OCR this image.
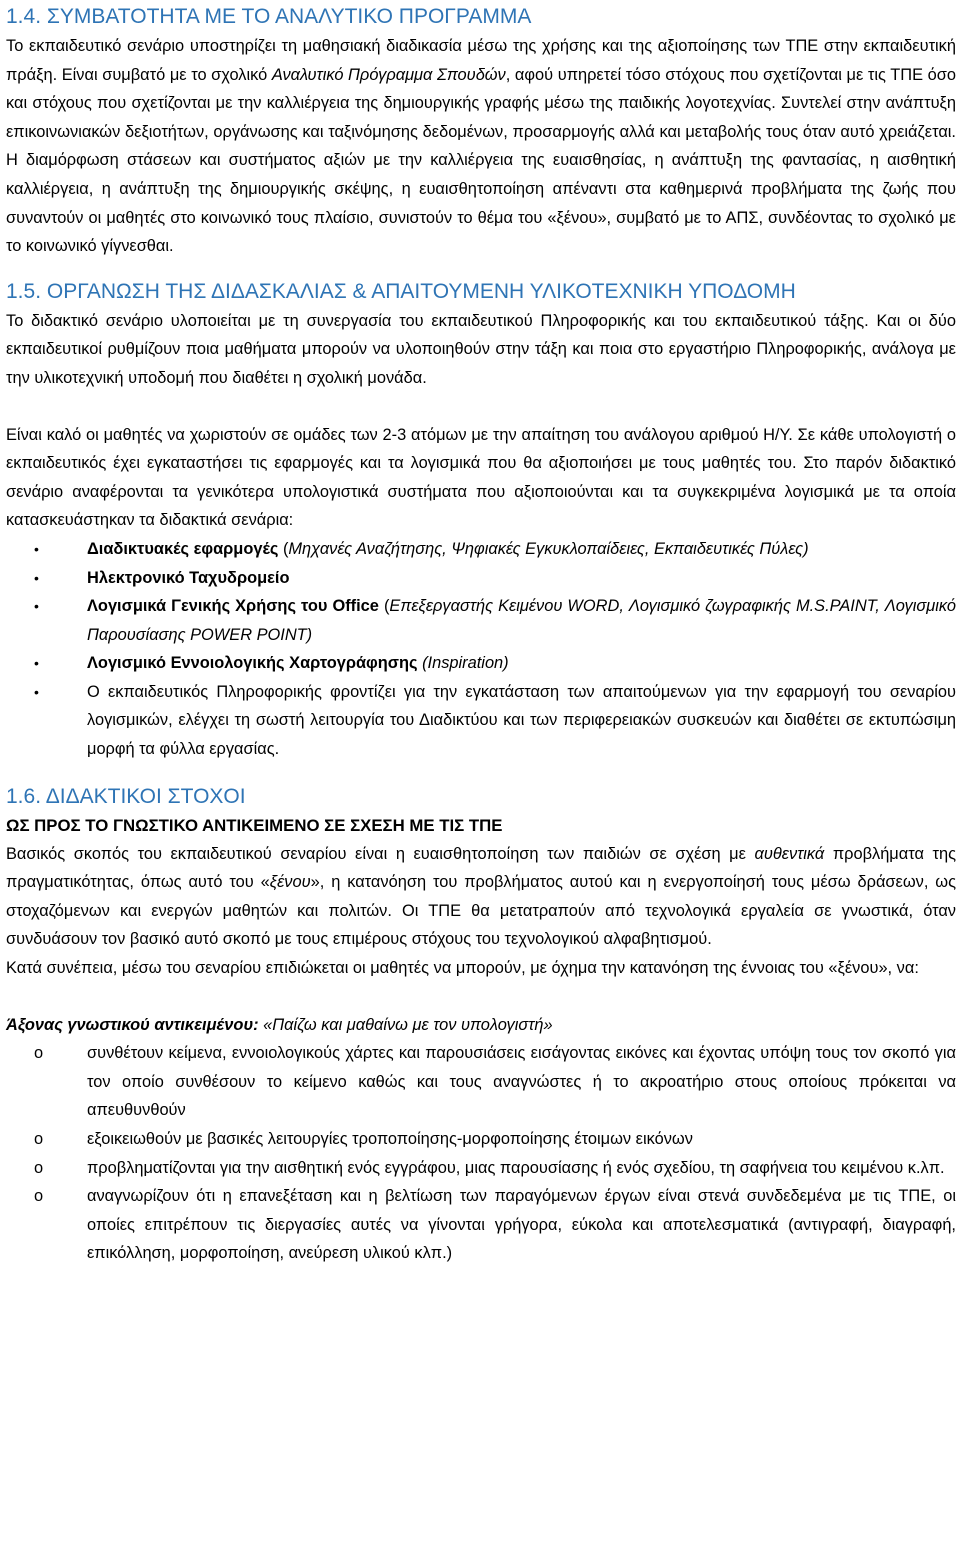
1.4. ΣΥΜΒΑΤΟΤΗΤΑ ΜΕ ΤΟ ΑΝΑΛΥΤΙΚΟ ΠΡΟΓΡΑΜΜΑ

Το εκπαιδευτικό σενάριο υποστηρίζει τη μαθησιακή διαδικασία μέσω της χρήσης και της αξιοποίησης των ΤΠΕ στην εκπαιδευτική πράξη. Είναι συμβατό με το σχολικό Αναλυτικό Πρόγραμμα Σπουδών, αφού υπηρετεί τόσο στόχους που σχετίζονται με τις ΤΠΕ όσο και στόχους που σχετίζονται με την καλλιέργεια της δημιουργικής γραφής μέσω της παιδικής λογοτεχνίας. Συντελεί στην ανάπτυξη επικοινωνιακών δεξιοτήτων, οργάνωσης και ταξινόμησης δεδομένων, προσαρμογής αλλά και μεταβολής τους όταν αυτό χρειάζεται. Η διαμόρφωση στάσεων και συστήματος αξιών με την καλλιέργεια της ευαισθησίας, η ανάπτυξη της φαντασίας, η αισθητική καλλιέργεια, η ανάπτυξη της δημιουργικής σκέψης, η ευαισθητοποίηση απέναντι στα καθημερινά προβλήματα της ζωής που συναντούν οι μαθητές στο κοινωνικό τους πλαίσιο, συνιστούν το θέμα του «ξένου», συμβατό με το ΑΠΣ, συνδέοντας το σχολικό με το κοινωνικό γίγνεσθαι.

1.5. ΟΡΓΑΝΩΣΗ ΤΗΣ ΔΙΔΑΣΚΑΛΙΑΣ & ΑΠΑΙΤΟΥΜΕΝΗ ΥΛΙΚΟΤΕΧΝΙΚΗ ΥΠΟΔΟΜΗ

Το διδακτικό σενάριο υλοποιείται με τη συνεργασία του εκπαιδευτικού Πληροφορικής και του εκπαιδευτικού τάξης. Και οι δύο εκπαιδευτικοί ρυθμίζουν ποια μαθήματα μπορούν να υλοποιηθούν στην τάξη και ποια στο εργαστήριο Πληροφορικής, ανάλογα με την υλικοτεχνική υποδομή που διαθέτει η σχολική μονάδα.

Είναι καλό οι μαθητές να χωριστούν σε ομάδες των 2-3 ατόμων με την απαίτηση του ανάλογου αριθμού Η/Υ. Σε κάθε υπολογιστή ο εκπαιδευτικός έχει εγκαταστήσει τις εφαρμογές και τα λογισμικά που θα αξιοποιήσει με τους μαθητές του. Στο παρόν διδακτικό σενάριο αναφέρονται τα γενικότερα υπολογιστικά συστήματα που αξιοποιούνται και τα συγκεκριμένα λογισμικά με τα οποία κατασκευάστηκαν τα διδακτικά σενάρια:

•	Διαδικτυακές εφαρμογές (Μηχανές Αναζήτησης, Ψηφιακές Εγκυκλοπαίδειες, Εκπαιδευτικές Πύλες)
•	Ηλεκτρονικό Ταχυδρομείο
•	Λογισμικά Γενικής Χρήσης του Office (Επεξεργαστής Κειμένου WORD, Λογισμικό ζωγραφικής M.S.PAINT, Λογισμικό Παρουσίασης POWER POINT)
•	Λογισμικό Εννοιολογικής Χαρτογράφησης (Inspiration)
•	Ο εκπαιδευτικός Πληροφορικής φροντίζει για την εγκατάσταση των απαιτούμενων για την εφαρμογή του σεναρίου λογισμικών, ελέγχει τη σωστή λειτουργία του Διαδικτύου και των περιφερειακών συσκευών και διαθέτει σε εκτυπώσιμη μορφή τα φύλλα εργασίας.
1.6. ΔΙΔΑΚΤΙΚΟΙ ΣΤΟΧΟΙ
ΩΣ ΠΡΟΣ ΤΟ ΓΝΩΣΤΙΚΟ ΑΝΤΙΚΕΙΜΕΝΟ ΣΕ ΣΧΕΣΗ ΜΕ ΤΙΣ ΤΠΕ

Βασικός σκοπός του εκπαιδευτικού σεναρίου είναι η ευαισθητοποίηση των παιδιών σε σχέση με αυθεντικά προβλήματα της πραγματικότητας, όπως αυτό του «ξένου», η κατανόηση του προβλήματος αυτού και η ενεργοποίησή τους μέσω δράσεων, ως στοχαζόμενων και ενεργών μαθητών και πολιτών. Οι ΤΠΕ θα μετατραπούν από τεχνολογικά εργαλεία σε γνωστικά, όταν συνδυάσουν τον βασικό αυτό σκοπό με τους επιμέρους στόχους του τεχνολογικού αλφαβητισμού.

Κατά συνέπεια, μέσω του σεναρίου επιδιώκεται οι μαθητές να μπορούν, με όχημα την κατανόηση της έννοιας του «ξένου», να:

Άξονας γνωστικού αντικειμένου: «Παίζω και μαθαίνω με τον υπολογιστή»

o	συνθέτουν κείμενα, εννοιολογικούς χάρτες και παρουσιάσεις εισάγοντας εικόνες και έχοντας υπόψη τους τον σκοπό για τον οποίο συνθέσουν το κείμενο καθώς και τους αναγνώστες ή το ακροατήριο στους οποίους πρόκειται να απευθυνθούν
o	εξοικειωθούν με βασικές λειτουργίες τροποποίησης-μορφοποίησης έτοιμων εικόνων
o	προβληματίζονται για την αισθητική ενός εγγράφου, μιας παρουσίασης ή ενός σχεδίου, τη σαφήνεια του κειμένου κ.λπ.
o	αναγνωρίζουν ότι η επανεξέταση και η βελτίωση των παραγόμενων έργων είναι στενά συνδεδεμένα με τις ΤΠΕ, οι οποίες επιτρέπουν τις διεργασίες αυτές να γίνονται γρήγορα, εύκολα και αποτελεσματικά (αντιγραφή, διαγραφή, επικόλληση, μορφοποίηση, ανεύρεση υλικού κλπ.)
